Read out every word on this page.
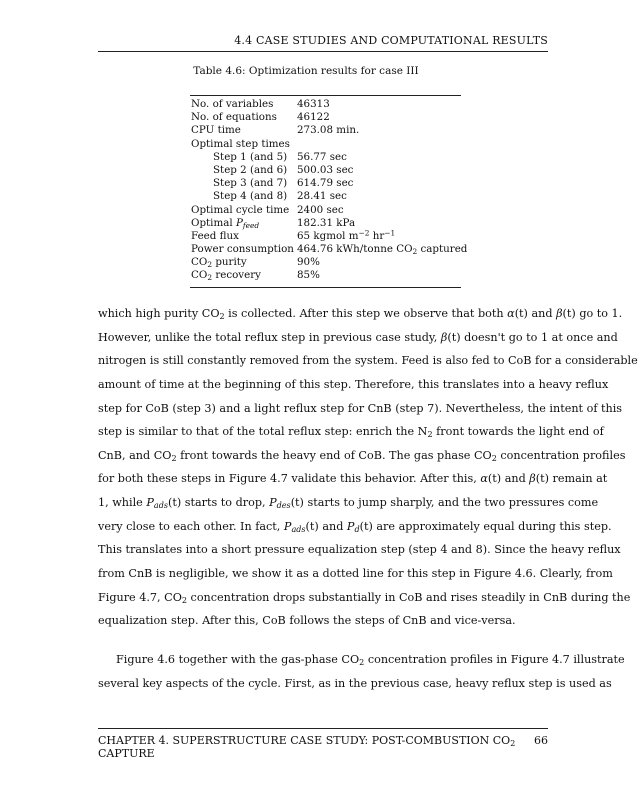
4.4 CASE STUDIES AND COMPUTATIONAL RESULTS
Table 4.6: Optimization results for case III
No. of variables 46313
No. of equations 46122
CPU time	273.08 min.
Optimal step times
Step 1 (and 5) 56.77 sec
Step 2 (and 6) 500.03 sec
Step 3 (and 7) 614.79 sec
Step 4 (and 8) 28.41 sec
Optimal cycle time 2400 sec
Optimal $P_{feed}$	182.31 kPa
Feed flux	65 kgmol $m^{-2}$ $hr^{-1}$
Power consumption 464.76 kWh/tonne $CO_2$ captured
$CO_2$ purity	90%
$CO_2$ recovery	85%
which high purity $CO_2$ is collected. After this step we observe that both α(t) and β(t) go to 1.
However, unlike the total reflux step in previous case study, β(t) doesn't go to 1 at once and
nitrogen is still constantly removed from the system. Feed is also fed to CoB for a considerable
amount of time at the beginning of this step. Therefore, this translates into a heavy reflux
step for CoB (step 3) and a light reflux step for CnB (step 7). Nevertheless, the intent of this
step is similar to that of the total reflux step: enrich the $N_2$ front towards the light end of
CnB, and $CO_2$ front towards the heavy end of CoB. The gas phase $CO_2$ concentration profiles
for both these steps in Figure 4.7 validate this behavior. After this, α(t) and β(t) remain at
1, while $P_{ads}(t)$ starts to drop, $P_{des}(t)$ starts to jump sharply, and the two pressures come
very close to each other. In fact, $P_{ads}(t)$ and $P_d(t)$ are approximately equal during this step.
This translates into a short pressure equalization step (step 4 and 8). Since the heavy reflux
from CnB is negligible, we show it as a dotted line for this step in Figure 4.6. Clearly, from
Figure 4.7, $CO_2$ concentration drops substantially in CoB and rises steadily in CnB during the
equalization step. After this, CoB follows the steps of CnB and vice-versa.
Figure 4.6 together with the gas-phase $CO_2$ concentration profiles in Figure 4.7 illustrate
several key aspects of the cycle. First, as in the previous case, heavy reflux step is used as
CHAPTER 4. SUPERSTRUCTURE CASE STUDY: POST-COMBUSTION $CO_2$ CAPTURE
66
